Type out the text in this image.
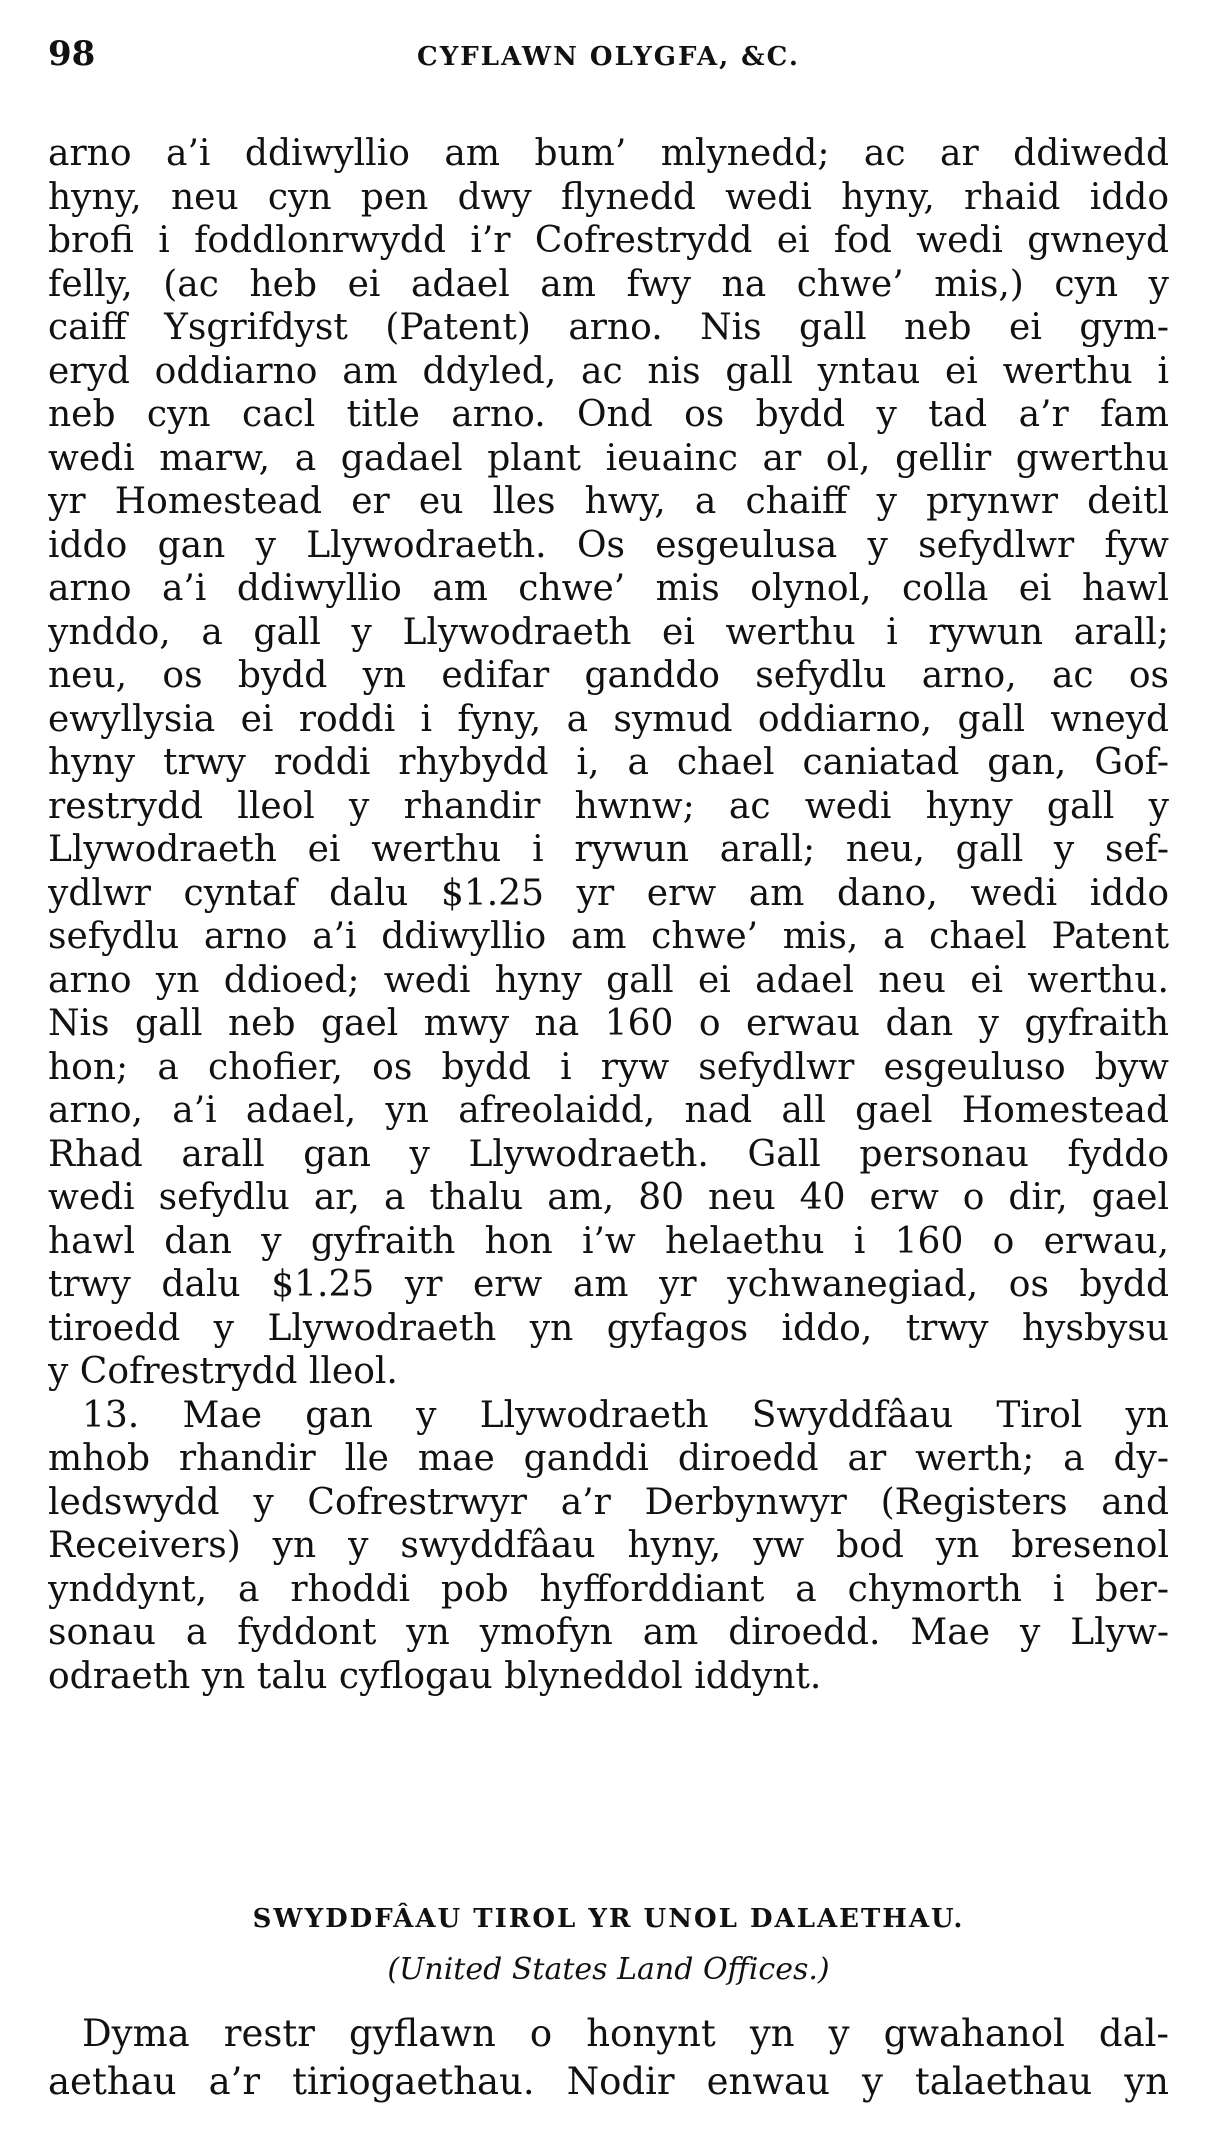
98	CYFLAWN OLYGFA, &C.
arno a’i ddiwyllio am bum’ mlynedd; ac ar ddiwedd
hyny, neu cyn pen dwy flynedd wedi hyny, rhaid iddo
brofi i foddlonrwydd i’r Cofrestrydd ei fod wedi gwneyd
felly, (ac heb ei adael am fwy na chwe’ mis,) cyn y
caiff Ysgrifdyst (Patent) arno. Nis gall neb ei gym-
eryd oddiarno am ddyled, ac nis gall yntau ei werthu i
neb cyn cacl title arno. Ond os bydd y tad a’r fam
wedi marw, a gadael plant ieuainc ar ol, gellir gwerthu
yr Homestead er eu lles hwy, a chaiff y prynwr deitl
iddo gan y Llywodraeth. Os esgeulusa y sefydlwr fyw
arno a’i ddiwyllio am chwe’ mis olynol, colla ei hawl
ynddo, a gall y Llywodraeth ei werthu i rywun arall;
neu, os bydd yn edifar ganddo sefydlu arno, ac os
ewyllysia ei roddi i fyny, a symud oddiarno, gall wneyd
hyny trwy roddi rhybydd i, a chael caniatad gan, Gof-
restrydd lleol y rhandir hwnw; ac wedi hyny gall y
Llywodraeth ei werthu i rywun arall; neu, gall y sef-
ydlwr cyntaf dalu $1.25 yr erw am dano, wedi iddo
sefydlu arno a’i ddiwyllio am chwe’ mis, a chael Patent
arno yn ddioed; wedi hyny gall ei adael neu ei werthu.
Nis gall neb gael mwy na 160 o erwau dan y gyfraith
hon; a chofier, os bydd i ryw sefydlwr esgeuluso byw
arno, a’i adael, yn afreolaidd, nad all gael Homestead
Rhad arall gan y Llywodraeth. Gall personau fyddo
wedi sefydlu ar, a thalu am, 80 neu 40 erw o dir, gael
hawl dan y gyfraith hon i’w helaethu i 160 o erwau,
trwy dalu $1.25 yr erw am yr ychwanegiad, os bydd
tiroedd y Llywodraeth yn gyfagos iddo, trwy hysbysu
y Cofrestrydd lleol.
13. Mae gan y Llywodraeth Swyddfâau Tirol yn
mhob rhandir lle mae ganddi diroedd ar werth; a dy-
ledswydd y Cofrestrwyr a’r Derbynwyr (Registers and
Receivers) yn y swyddfâau hyny, yw bod yn bresenol
ynddynt, a rhoddi pob hyfforddiant a chymorth i ber-
sonau a fyddont yn ymofyn am diroedd. Mae y Llyw-
odraeth yn talu cyflogau blyneddol iddynt.
SWYDDFÂAU TIROL YR UNOL DALAETHAU.
(United States Land Offices.)
Dyma restr gyflawn o honynt yn y gwahanol dal-
aethau a’r tiriogaethau. Nodir enwau y talaethau yn
